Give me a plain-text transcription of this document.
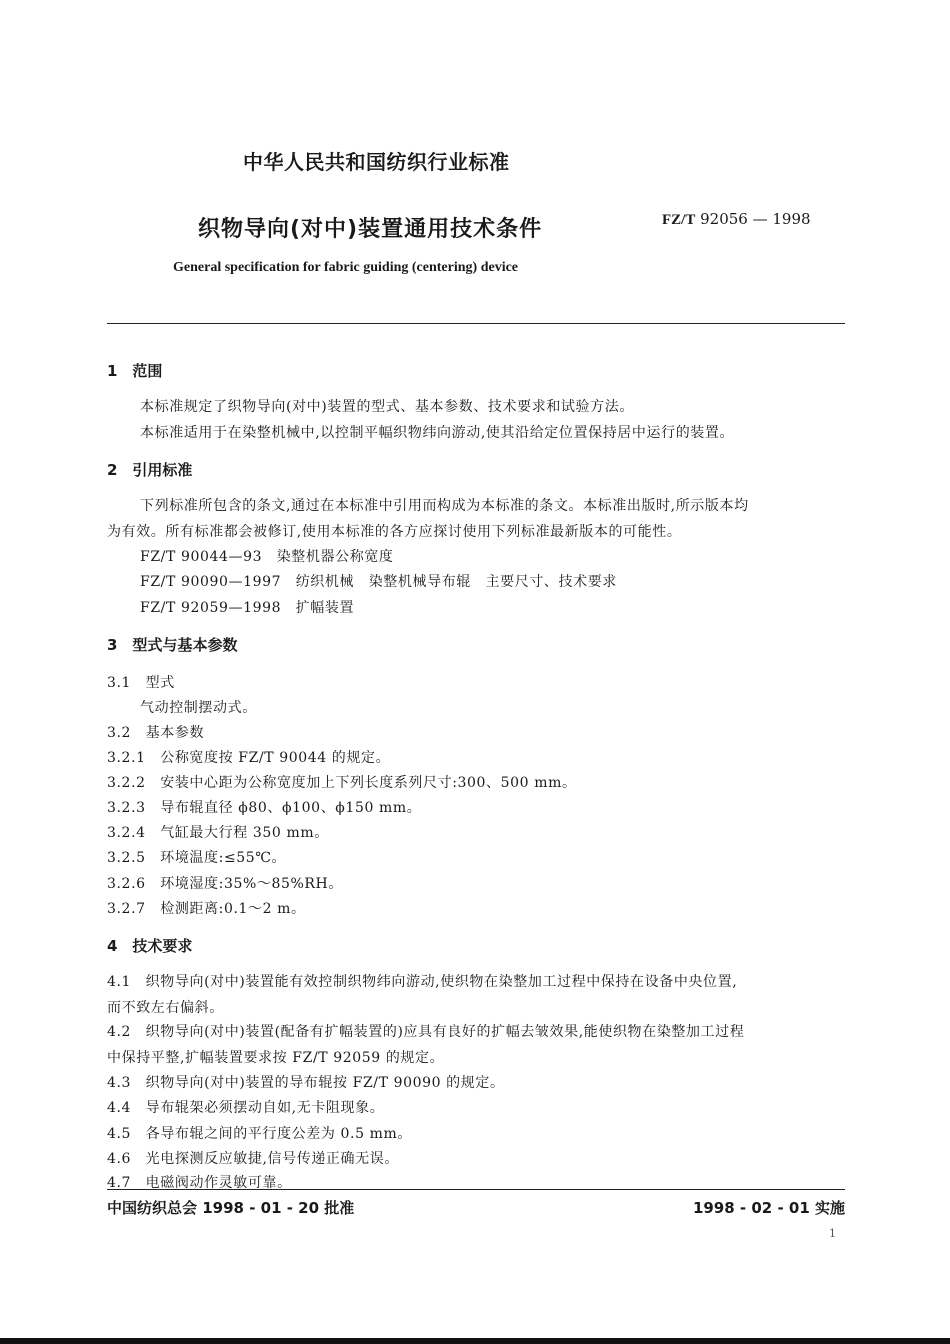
中华人民共和国纺织行业标准
织物导向(对中)装置通用技术条件	FZ/T 92056 — 1998
General specification for fabric guiding (centering) device
1　范围
本标准规定了织物导向(对中)装置的型式、基本参数、技术要求和试验方法。
本标准适用于在染整机械中,以控制平幅织物纬向游动,使其沿给定位置保持居中运行的装置。
2　引用标准
下列标准所包含的条文,通过在本标准中引用而构成为本标准的条文。本标准出版时,所示版本均
为有效。所有标准都会被修订,使用本标准的各方应探讨使用下列标准最新版本的可能性。
FZ/T 90044—93　染整机器公称宽度
FZ/T 90090—1997　纺织机械　染整机械导布辊　主要尺寸、技术要求
FZ/T 92059—1998　扩幅装置
3　型式与基本参数
3.1　型式
气动控制摆动式。
3.2　基本参数
3.2.1　公称宽度按 FZ/T 90044 的规定。
3.2.2　安装中心距为公称宽度加上下列长度系列尺寸:300、500 mm。
3.2.3　导布辊直径 ϕ80、ϕ100、ϕ150 mm。
3.2.4　气缸最大行程 350 mm。
3.2.5　环境温度:≤55℃。
3.2.6　环境湿度:35%～85%RH。
3.2.7　检测距离:0.1～2 m。
4　技术要求
4.1　织物导向(对中)装置能有效控制织物纬向游动,使织物在染整加工过程中保持在设备中央位置,
而不致左右偏斜。
4.2　织物导向(对中)装置(配备有扩幅装置的)应具有良好的扩幅去皱效果,能使织物在染整加工过程
中保持平整,扩幅装置要求按 FZ/T 92059 的规定。
4.3　织物导向(对中)装置的导布辊按 FZ/T 90090 的规定。
4.4　导布辊架必须摆动自如,无卡阻现象。
4.5　各导布辊之间的平行度公差为 0.5 mm。
4.6　光电探测反应敏捷,信号传递正确无误。
4.7　电磁阀动作灵敏可靠。
中国纺织总会 1998 - 01 - 20 批准	1998 - 02 - 01 实施
1
